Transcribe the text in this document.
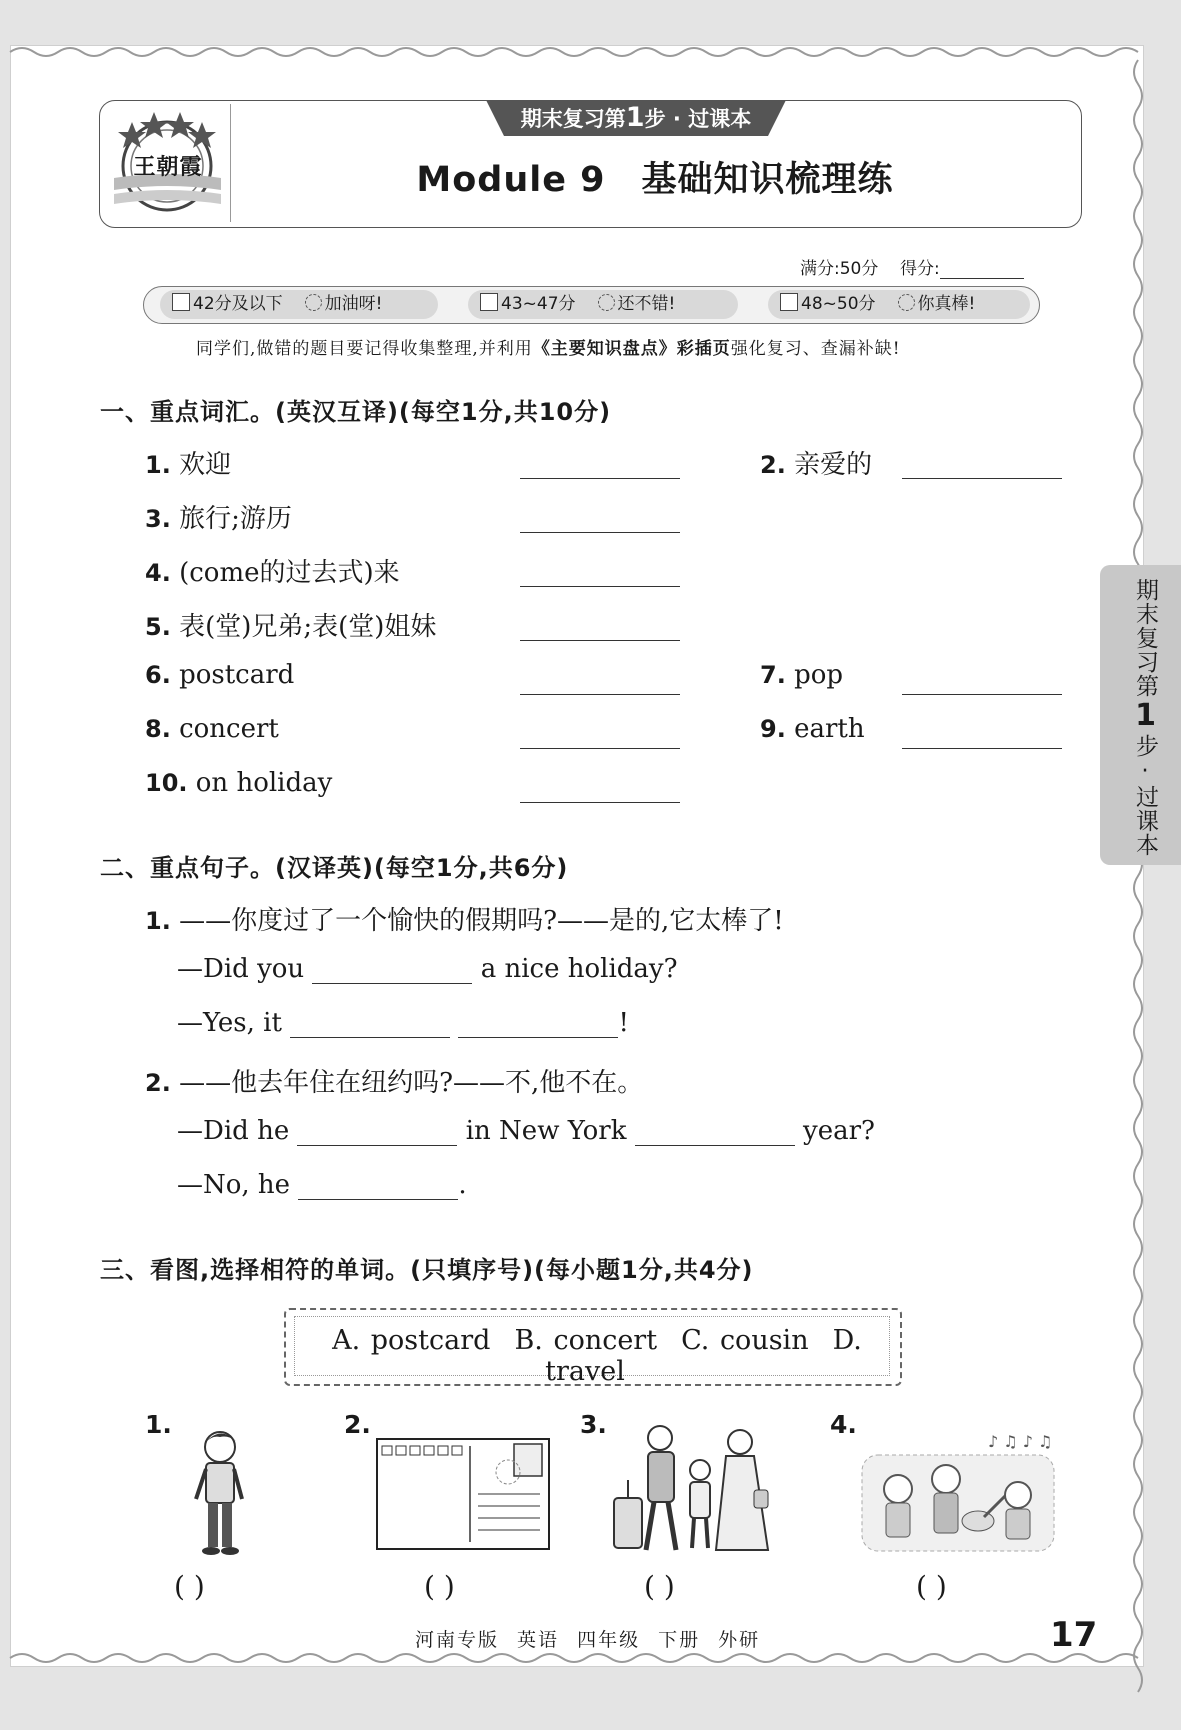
王朝霞
期末复习第1步 · 过课本
Module 9 基础知识梳理练
满分:50分 得分:
42分及以下 加油呀!	43~47分 还不错!	48~50分 你真棒!
同学们,做错的题目要记得收集整理,并利用《主要知识盘点》彩插页强化复习、查漏补缺!
一、重点词汇。(英汉互译)(每空1分,共10分)
1. 欢迎	2. 亲爱的
3. 旅行;游历
4. (come的过去式)来
5. 表(堂)兄弟;表(堂)姐妹
6. postcard	7. pop
8. concert	9. earth
10. on holiday
二、重点句子。(汉译英)(每空1分,共6分)
1. ——你度过了一个愉快的假期吗?——是的,它太棒了!
—Did you	a nice holiday?
—Yes, it	!
2. ——他去年住在纽约吗?——不,他不在。
—Did he	in New York	year?
—No, he	.
三、看图,选择相符的单词。(只填序号)(每小题1分,共4分)
A. postcard B. concert C. cousin D. travel
1.	2.	3.	4.
♪ ♫ ♪ ♫
( )	( )	( )	( )
期末复习第1步·过课本
河南专版 英语 四年级 下册 外研	17
